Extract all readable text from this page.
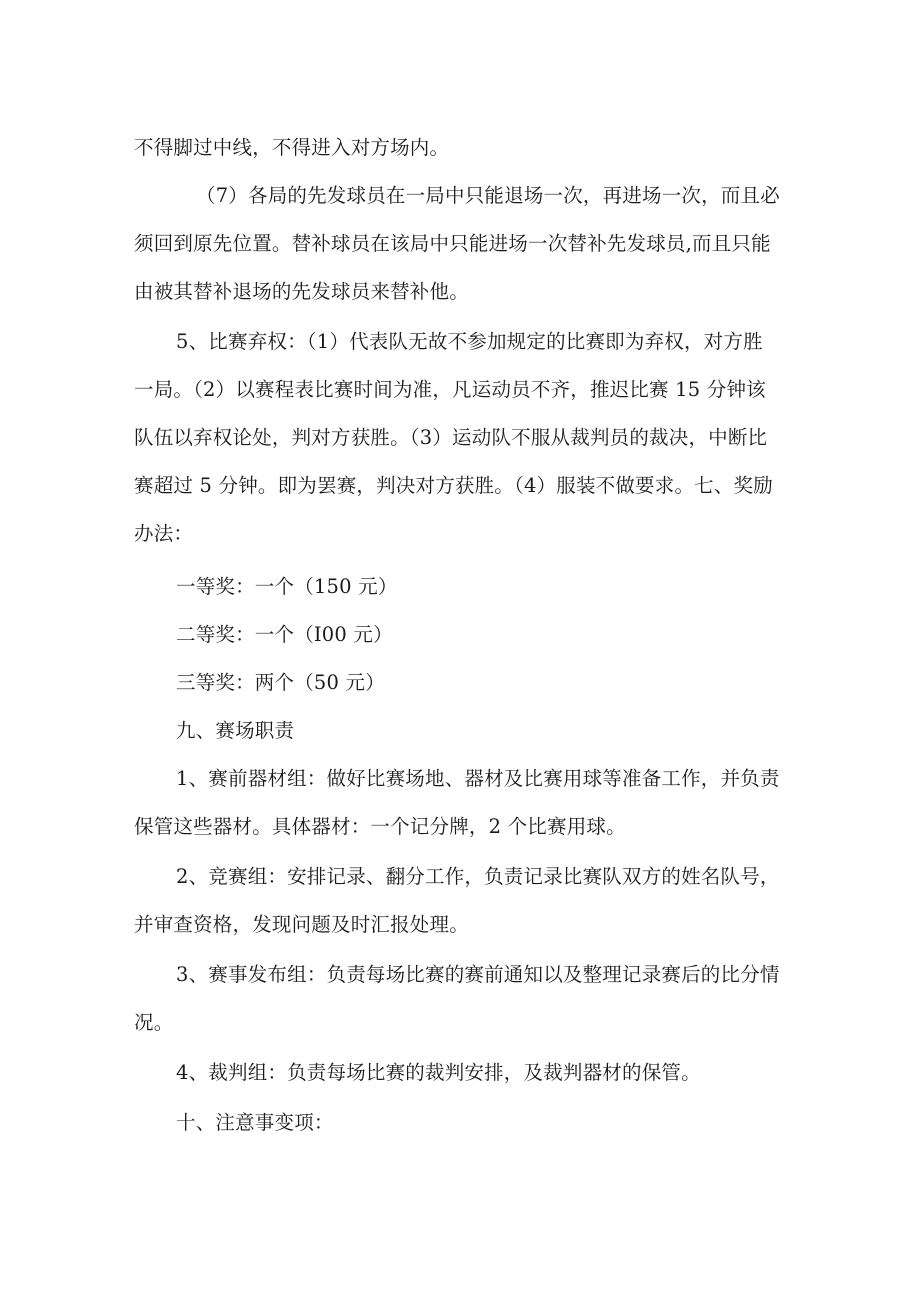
不得脚过中线，不得进入对方场内。
（7）各局的先发球员在一局中只能退场一次，再进场一次，而且必
须回到原先位置。替补球员在该局中只能进场一次替补先发球员,而且只能
由被其替补退场的先发球员来替补他。
5、比赛弃权：（1）代表队无故不参加规定的比赛即为弃权，对方胜
一局。（2）以赛程表比赛时间为准，凡运动员不齐，推迟比赛 15 分钟该
队伍以弃权论处，判对方获胜。（3）运动队不服从裁判员的裁决，中断比
赛超过 5 分钟。即为罢赛，判决对方获胜。（4）服装不做要求。七、奖励
办法：
一等奖：一个（150 元）
二等奖：一个（I00 元）
三等奖：两个（50 元）
九、赛场职责
1、赛前器材组：做好比赛场地、器材及比赛用球等准备工作，并负责
保管这些器材。具体器材：一个记分牌，2 个比赛用球。
2、竞赛组：安排记录、翻分工作，负责记录比赛队双方的姓名队号，
并审查资格，发现问题及时汇报处理。
3、赛事发布组：负责每场比赛的赛前通知以及整理记录赛后的比分情
况。
4、裁判组：负责每场比赛的裁判安排，及裁判器材的保管。
十、注意事变项：
